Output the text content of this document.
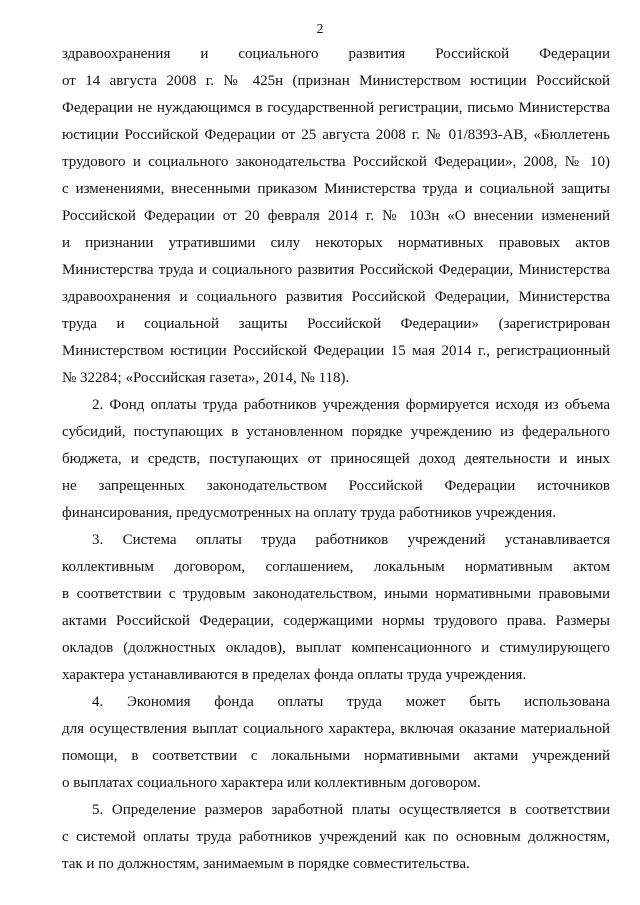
2
здравоохранения и социального развития Российской Федерации
от 14 августа 2008 г. № 425н (признан Министерством юстиции Российской
Федерации не нуждающимся в государственной регистрации, письмо Министерства
юстиции Российской Федерации от 25 августа 2008 г. № 01/8393-АВ, «Бюллетень
трудового и социального законодательства Российской Федерации», 2008, № 10)
с изменениями, внесенными приказом Министерства труда и социальной защиты
Российской Федерации от 20 февраля 2014 г. № 103н «О внесении изменений
и признании утратившими силу некоторых нормативных правовых актов
Министерства труда и социального развития Российской Федерации, Министерства
здравоохранения и социального развития Российской Федерации, Министерства
труда и социальной защиты Российской Федерации» (зарегистрирован
Министерством юстиции Российской Федерации 15 мая 2014 г., регистрационный
№ 32284; «Российская газета», 2014, № 118).
2. Фонд оплаты труда работников учреждения формируется исходя из объема
субсидий, поступающих в установленном порядке учреждению из федерального
бюджета, и средств, поступающих от приносящей доход деятельности и иных
не запрещенных законодательством Российской Федерации источников
финансирования, предусмотренных на оплату труда работников учреждения.
3. Система оплаты труда работников учреждений устанавливается
коллективным договором, соглашением, локальным нормативным актом
в соответствии с трудовым законодательством, иными нормативными правовыми
актами Российской Федерации, содержащими нормы трудового права. Размеры
окладов (должностных окладов), выплат компенсационного и стимулирующего
характера устанавливаются в пределах фонда оплаты труда учреждения.
4. Экономия фонда оплаты труда может быть использована
для осуществления выплат социального характера, включая оказание материальной
помощи, в соответствии с локальными нормативными актами учреждений
о выплатах социального характера или коллективным договором.
5. Определение размеров заработной платы осуществляется в соответствии
с системой оплаты труда работников учреждений как по основным должностям,
так и по должностям, занимаемым в порядке совместительства.
